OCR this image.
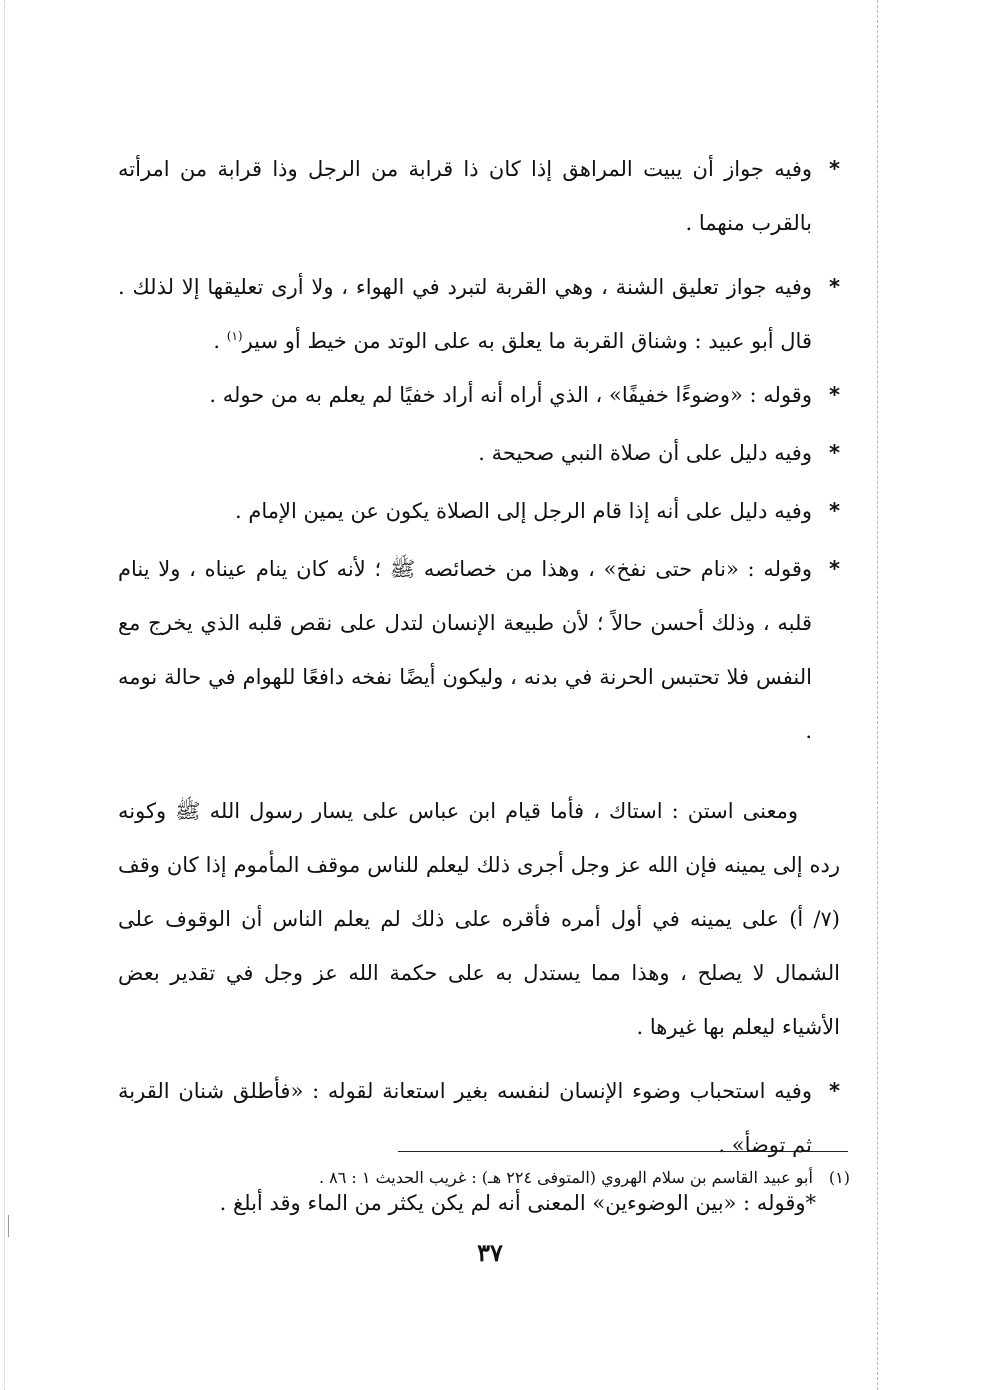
*وفيه جواز أن يبيت المراهق إذا كان ذا قرابة من الرجل وذا قرابة من امرأته بالقرب منهما .

*وفيه جواز تعليق الشنة ، وهي القربة لتبرد في الهواء ، ولا أرى تعليقها إلا لذلك . قال أبو عبيد : وشناق القربة ما يعلق به على الوتد من خيط أو سير$^{(١)}$ .

*وقوله : «وضوءًا خفيفًا» ، الذي أراه أنه أراد خفيًا لم يعلم به من حوله .

*وفيه دليل على أن صلاة النبي صحيحة .

*وفيه دليل على أنه إذا قام الرجل إلى الصلاة يكون عن يمين الإمام .

*وقوله : «نام حتى نفخ» ، وهذا من خصائصه ﷺ ؛ لأنه كان ينام عيناه ، ولا ينام قلبه ، وذلك أحسن حالاً ؛ لأن طبيعة الإنسان لتدل على نقص قلبه الذي يخرج مع النفس فلا تحتبس الحرنة في بدنه ، وليكون أيضًا نفخه دافعًا للهوام في حالة نومه .

ومعنى استن : استاك ، فأما قيام ابن عباس على يسار رسول الله ﷺ وكونه رده إلى يمينه فإن الله عز وجل أجرى ذلك ليعلم للناس موقف المأموم إذا كان وقف (٧/ أ) على يمينه في أول أمره فأقره على ذلك لم يعلم الناس أن الوقوف على الشمال لا يصلح ، وهذا مما يستدل به على حكمة الله عز وجل في تقدير بعض الأشياء ليعلم بها غيرها .

*وفيه استحباب وضوء الإنسان لنفسه بغير استعانة لقوله : «فأطلق شنان القربة ثم توضأ» .

*وقوله : «بين الوضوءين» المعنى أنه لم يكن يكثر من الماء وقد أبلغ .

(١)أبو عبيد القاسم بن سلام الهروي (المتوفى ٢٢٤ هـ) : غريب الحديث ١ : ٨٦ .
٣٧
